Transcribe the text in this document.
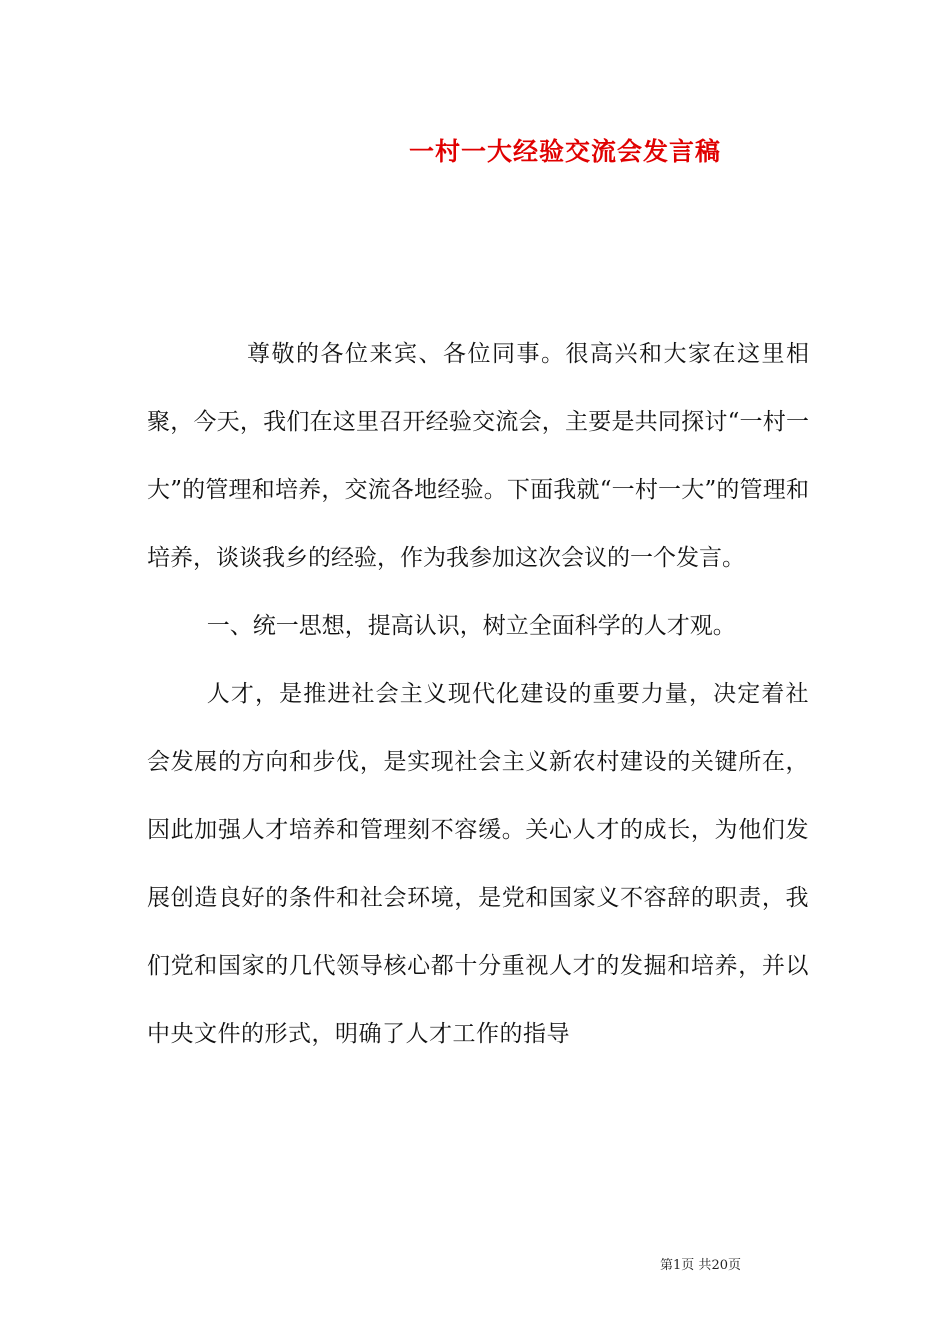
一村一大经验交流会发言稿

尊敬的各位来宾、各位同事。很高兴和大家在这里相聚，今天，我们在这里召开经验交流会，主要是共同探讨“一村一大”的管理和培养，交流各地经验。下面我就“一村一大”的管理和培养，谈谈我乡的经验，作为我参加这次会议的一个发言。

一、统一思想，提高认识，树立全面科学的人才观。

人才，是推进社会主义现代化建设的重要力量，决定着社会发展的方向和步伐，是实现社会主义新农村建设的关键所在，因此加强人才培养和管理刻不容缓。关心人才的成长，为他们发展创造良好的条件和社会环境，是党和国家义不容辞的职责，我们党和国家的几代领导核心都十分重视人才的发掘和培养，并以中央文件的形式，明确了人才工作的指导

第1页 共20页
